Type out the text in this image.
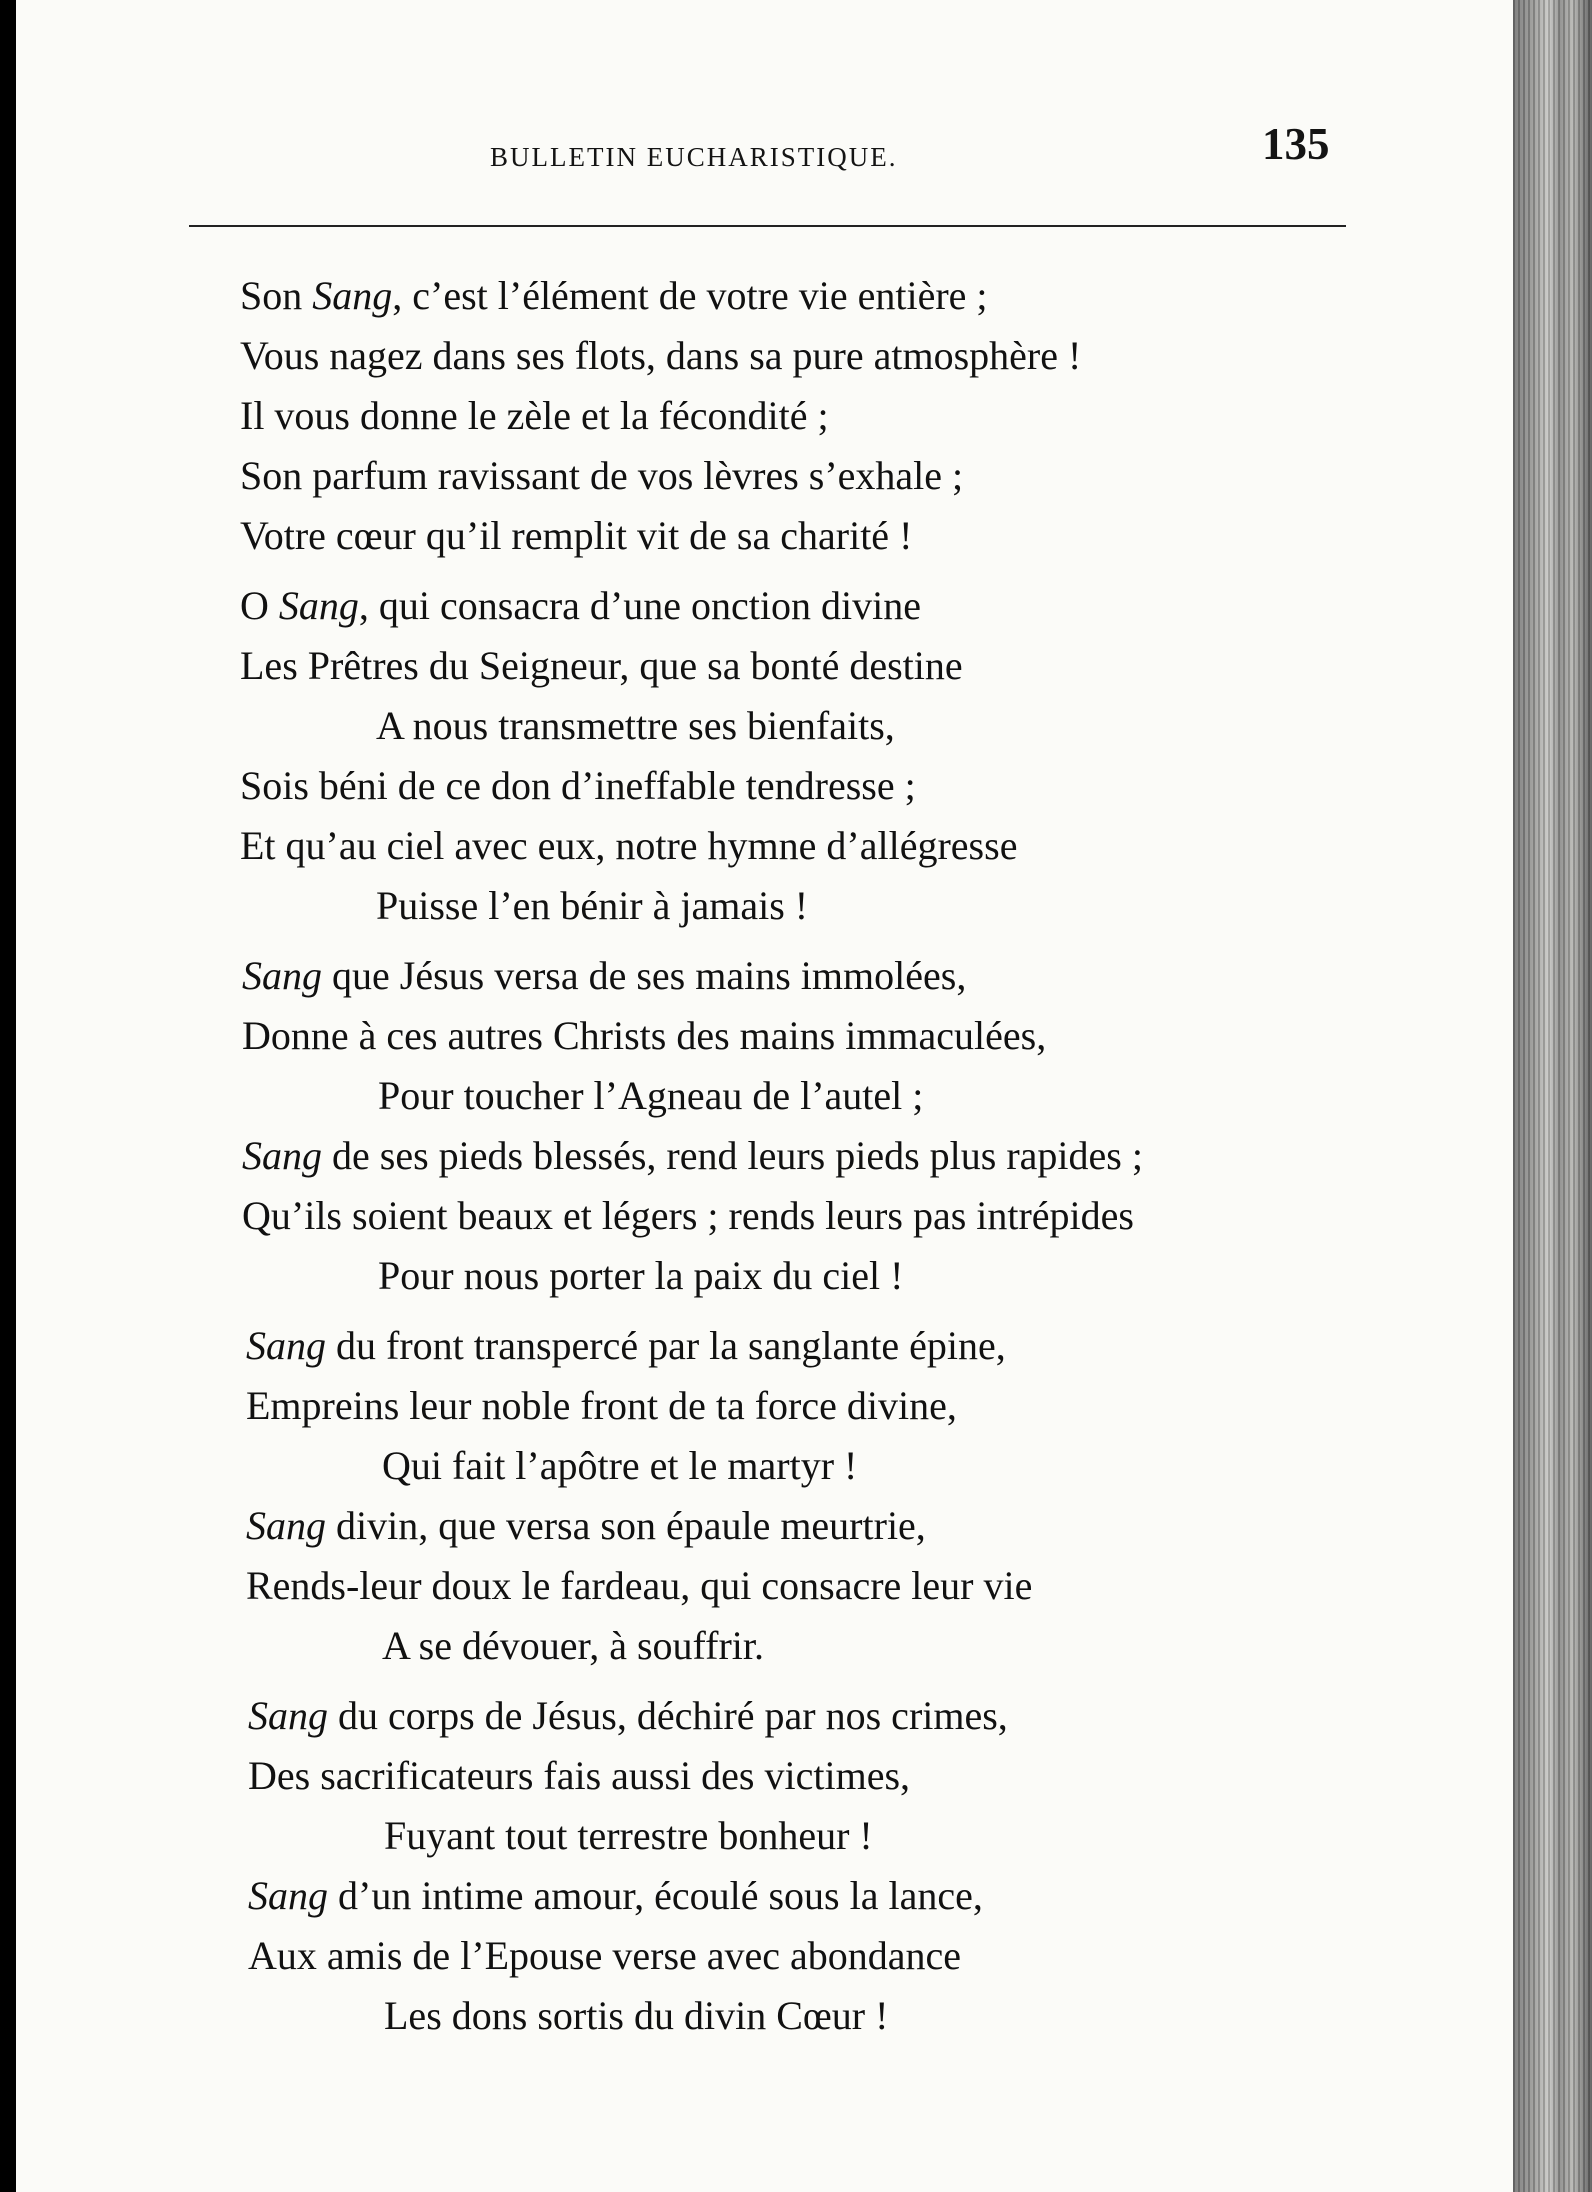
BULLETIN EUCHARISTIQUE.	135
Son Sang, c’est l’élément de votre vie entière ;
Vous nagez dans ses flots, dans sa pure atmosphère !
Il vous donne le zèle et la fécondité ;
Son parfum ravissant de vos lèvres s’exhale ;
Votre cœur qu’il remplit vit de sa charité !
O Sang, qui consacra d’une onction divine
Les Prêtres du Seigneur, que sa bonté destine
A nous transmettre ses bienfaits,
Sois béni de ce don d’ineffable tendresse ;
Et qu’au ciel avec eux, notre hymne d’allégresse
Puisse l’en bénir à jamais !
Sang que Jésus versa de ses mains immolées,
Donne à ces autres Christs des mains immaculées,
Pour toucher l’Agneau de l’autel ;
Sang de ses pieds blessés, rend leurs pieds plus rapides ;
Qu’ils soient beaux et légers ; rends leurs pas intrépides
Pour nous porter la paix du ciel !
Sang du front transpercé par la sanglante épine,
Empreins leur noble front de ta force divine,
Qui fait l’apôtre et le martyr !
Sang divin, que versa son épaule meurtrie,
Rends-leur doux le fardeau, qui consacre leur vie
A se dévouer, à souffrir.
Sang du corps de Jésus, déchiré par nos crimes,
Des sacrificateurs fais aussi des victimes,
Fuyant tout terrestre bonheur !
Sang d’un intime amour, écoulé sous la lance,
Aux amis de l’Epouse verse avec abondance
Les dons sortis du divin Cœur !
